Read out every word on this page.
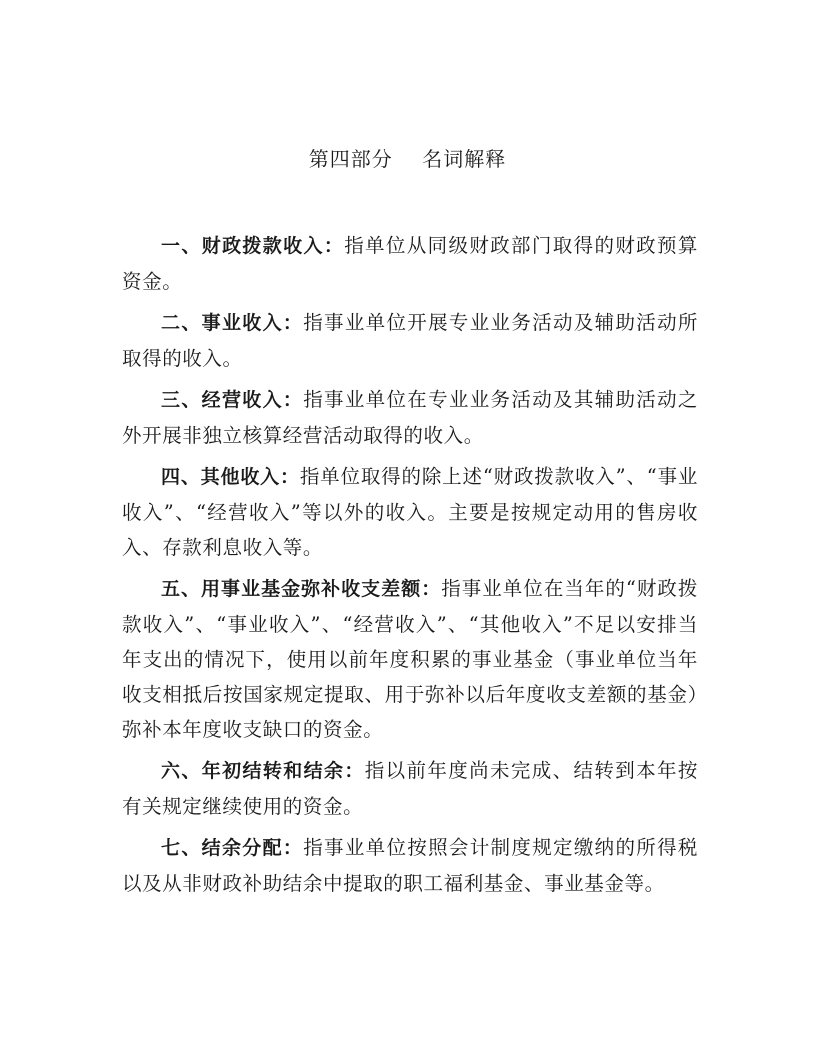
第四部分    名词解释

一、财政拨款收入：指单位从同级财政部门取得的财政预算资金。

二、事业收入：指事业单位开展专业业务活动及辅助活动所取得的收入。

三、经营收入：指事业单位在专业业务活动及其辅助活动之外开展非独立核算经营活动取得的收入。

四、其他收入：指单位取得的除上述“财政拨款收入”、“事业收入”、“经营收入”等以外的收入。主要是按规定动用的售房收入、存款利息收入等。

五、用事业基金弥补收支差额：指事业单位在当年的“财政拨款收入”、“事业收入”、“经营收入”、“其他收入”不足以安排当年支出的情况下，使用以前年度积累的事业基金（事业单位当年收支相抵后按国家规定提取、用于弥补以后年度收支差额的基金）弥补本年度收支缺口的资金。

六、年初结转和结余：指以前年度尚未完成、结转到本年按有关规定继续使用的资金。

七、结余分配：指事业单位按照会计制度规定缴纳的所得税以及从非财政补助结余中提取的职工福利基金、事业基金等。
